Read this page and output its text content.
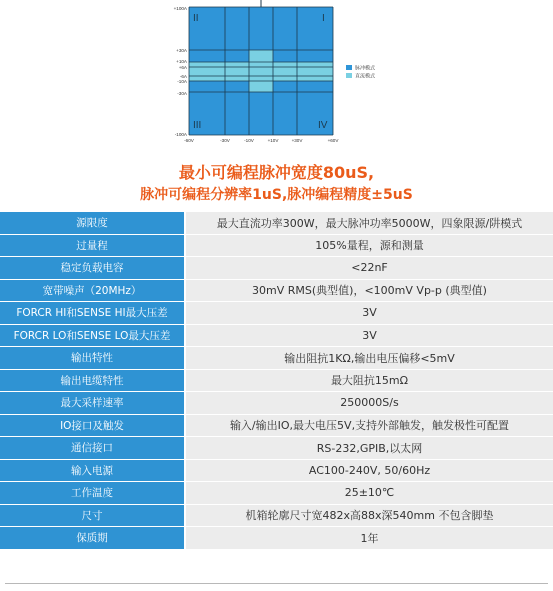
II	I
III	IV
+100A
+30A
+10A
+6A
-6A
-10A
-30A
-100A
-60V	-30V	-10V	+10V	+30V	+60V
脉冲模式
直流模式
最小可编程脉冲宽度80uS,
脉冲可编程分辨率1uS,脉冲编程精度±5uS
源限度	最大直流功率300W，最大脉冲功率5000W，四象限源/阱模式
过量程	105%量程，源和测量
稳定负载电容	<22nF
宽带噪声（20MHz）	30mV RMS(典型值)，<100mV Vp-p (典型值)
FORCR HI和SENSE HI最大压差	3V
FORCR LO和SENSE LO最大压差	3V
输出特性	输出阻抗1KΩ,输出电压偏移<5mV
输出电缆特性	最大阻抗15mΩ
最大采样速率	250000S/s
IO接口及触发	输入/输出IO,最大电压5V,支持外部触发，触发极性可配置
通信接口	RS-232,GPIB,以太网
输入电源	AC100-240V, 50/60Hz
工作温度	25±10℃
尺寸	机箱轮廓尺寸宽482x高88x深540mm 不包含脚垫
保质期	1年
